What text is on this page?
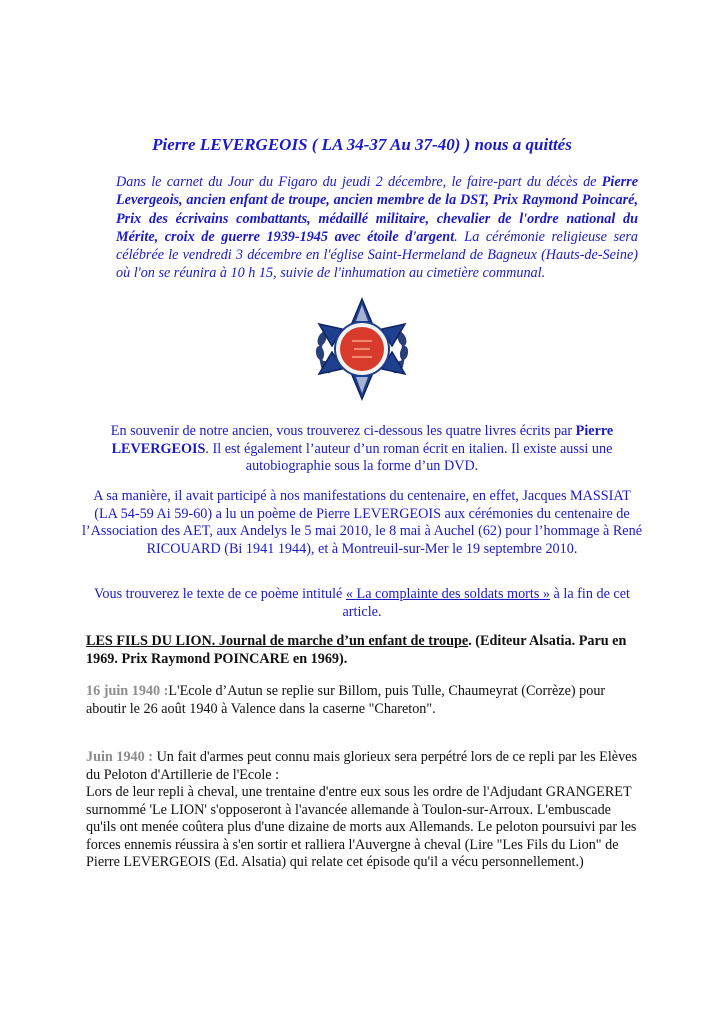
Pierre LEVERGEOIS ( LA 34-37 Au 37-40) ) nous a quittés
Dans le carnet du Jour du Figaro du jeudi 2 décembre, le faire-part du décès de Pierre Levergeois, ancien enfant de troupe, ancien membre de la DST, Prix Raymond Poincaré, Prix des écrivains combattants, médaillé militaire, chevalier de l'ordre national du Mérite, croix de guerre 1939-1945 avec étoile d'argent. La cérémonie religieuse sera célébrée le vendredi 3 décembre en l'église Saint-Hermeland de Bagneux (Hauts-de-Seine) où l'on se réunira à 10 h 15, suivie de l'inhumation au cimetière communal.
En souvenir de notre ancien, vous trouverez ci-dessous les quatre livres écrits par Pierre LEVERGEOIS. Il est également l’auteur d’un roman écrit en italien. Il existe aussi une autobiographie sous la forme d’un DVD.
A sa manière, il avait participé à nos manifestations du centenaire, en effet, Jacques MASSIAT (LA 54-59 Ai 59-60) a lu un poème de Pierre LEVERGEOIS aux cérémonies du centenaire de l’Association des AET, aux Andelys le 5 mai 2010, le 8 mai à Auchel (62) pour l’hommage à René RICOUARD (Bi 1941 1944), et à Montreuil-sur-Mer le 19 septembre 2010.
Vous trouverez le texte de ce poème intitulé « La complainte des soldats morts » à la fin de cet article.
LES FILS DU LION. Journal de marche d’un enfant de troupe. (Editeur Alsatia. Paru en 1969. Prix Raymond POINCARE en 1969).
16 juin 1940 :L'Ecole d’Autun se replie sur Billom, puis Tulle, Chaumeyrat (Corrèze) pour aboutir le 26 août 1940 à Valence dans la caserne "Chareton".
Juin 1940 : Un fait d'armes peut connu mais glorieux sera perpétré lors de ce repli par les Elèves du Peloton d'Artillerie de l'Ecole :
Lors de leur repli à cheval, une trentaine d'entre eux sous les ordre de l'Adjudant GRANGERET surnommé 'Le LION' s'opposeront à l'avancée allemande à Toulon-sur-Arroux. L'embuscade qu'ils ont menée coûtera plus d'une dizaine de morts aux Allemands. Le peloton poursuivi par les forces ennemis réussira à s'en sortir et ralliera l'Auvergne à cheval (Lire "Les Fils du Lion" de Pierre LEVERGEOIS (Ed. Alsatia) qui relate cet épisode qu'il a vécu personnellement.)
